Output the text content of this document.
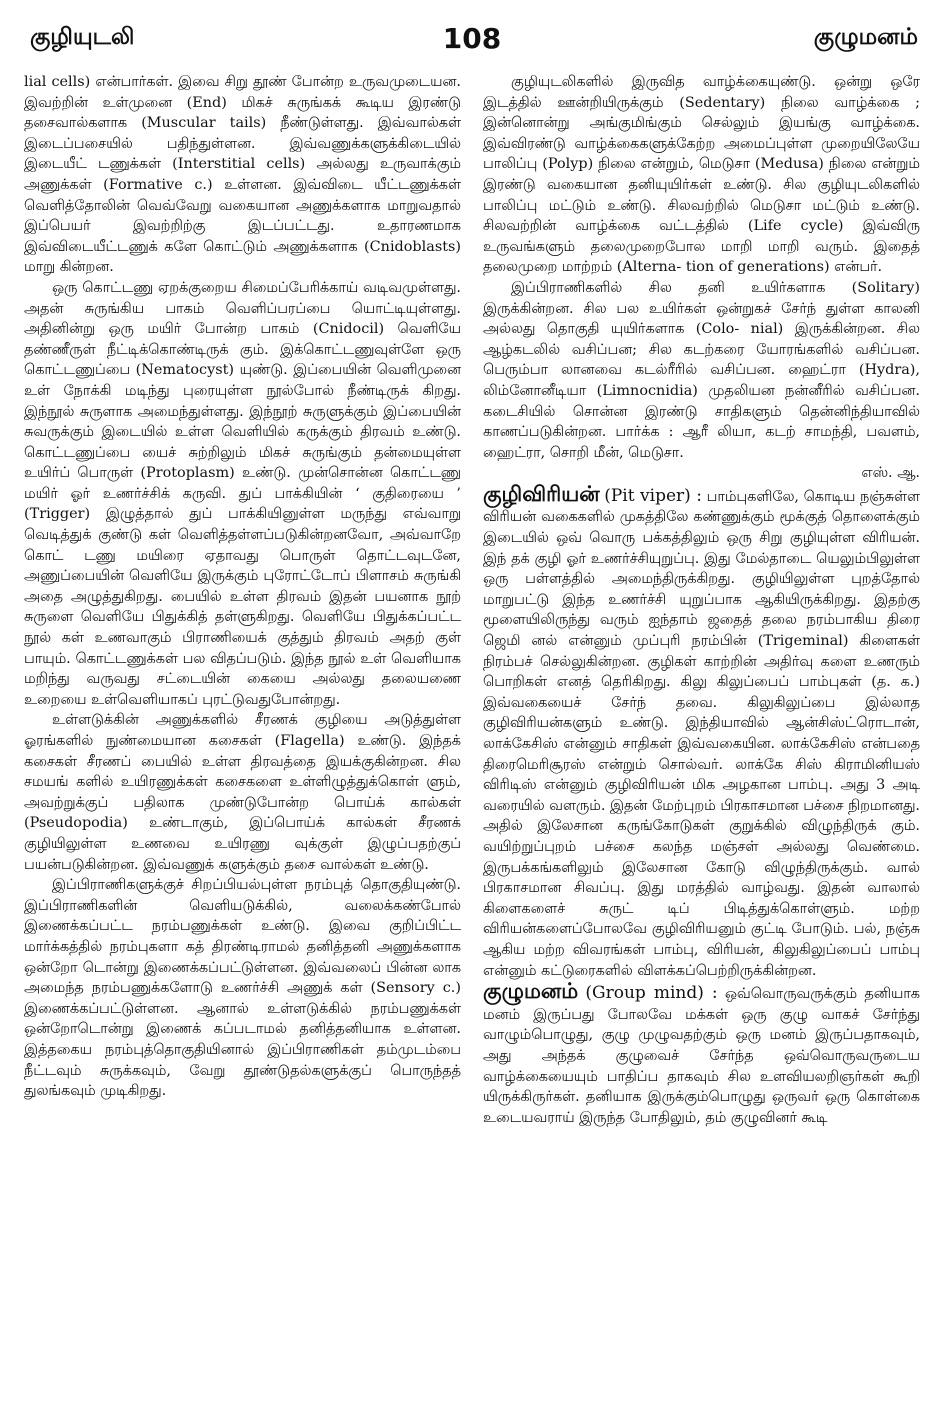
குழியுடலி	108	குழுமனம்

lial cells) என்பார்கள். இவை சிறு தூண் போன்ற உருவமுடையன. இவற்றின் உள்முனை (End) மிகச் சுருங்கக் கூடிய இரண்டு தசைவால்களாக (Muscular tails) நீண்டுள்ளது. இவ்வால்கள் இடைப்பசையில் பதிந்துள்ளன. இவ்வணுக்களுக்கிடையில் இடையீட் டணுக்கள் (Interstitial cells) அல்லது உருவாக்கும் அணுக்கள் (Formative c.) உள்ளன. இவ்விடை யீட்டணுக்கள் வெளித்தோலின் வெவ்வேறு வகையான அணுக்களாக மாறுவதால் இப்பெயர் இவற்றிற்கு இடப்பட்டது. உதாரணமாக இவ்விடையீட்டணுக் களே கொட்டும் அணுக்களாக (Cnidoblasts) மாறு கின்றன.

ஒரு கொட்டணு ஏறக்குறைய சிமைப்பேரிக்காய் வடிவமுள்ளது. அதன் சுருங்கிய பாகம் வெளிப்பரப்பை யொட்டியுள்ளது. அதினின்று ஒரு மயிர் போன்ற பாகம் (Cnidocil) வெளியே தண்ணீருள் நீட்டிக்கொண்டிருக் கும். இக்கொட்டணுவுள்ளே ஒரு கொட்டணுப்பை (Nematocyst) யுண்டு. இப்பையின் வெளிமுனை உள் நோக்கி மடிந்து புரையுள்ள நூல்போல் நீண்டிருக் கிறது. இந்நூல் சுருளாக அமைந்துள்ளது. இந்நூற் சுருளுக்கும் இப்பையின் சுவருக்கும் இடையில் உள்ள வெளியில் கருக்கும் திரவம் உண்டு. கொட்டணுப்பை யைச் சுற்றிலும் மிகச் சுருங்கும் தன்மையுள்ள உயிர்ப் பொருள் (Protoplasm) உண்டு. முன்சொன்ன கொட்டணு மயிர் ஓர் உணர்ச்சிக் கருவி. துப் பாக்கியின் ‘ குதிரையை ’ (Trigger) இழுத்தால் துப் பாக்கியினுள்ள மருந்து எவ்வாறு வெடித்துக் குண்டு கள் வெளித்தள்ளப்படுகின்றனவோ, அவ்வாறே கொட் டணு மயிரை ஏதாவது பொருள் தொட்டவுடனே, அணுப்பையின் வெளியே இருக்கும் புரோட்டோப் பிளாசம் சுருங்கி அதை அழுத்துகிறது. பையில் உள்ள திரவம் இதன் பயனாக நூற் சுருளை வெளியே பிதுக்கித் தள்ளுகிறது. வெளியே பிதுக்கப்பட்ட நூல் கள் உணவாகும் பிராணியைக் குத்தும் திரவம் அதற் குள் பாயும். கொட்டணுக்கள் பல விதப்படும். இந்த நூல் உள் வெளியாக மறிந்து வருவது சட்டையின் கையை அல்லது தலையணை உறையை உள்வெளியாகப் புரட்டுவதுபோன்றது.

உள்ளடுக்கின் அணுக்களில் சீரணக் குழியை அடுத்துள்ள ஓரங்களில் நுண்மையான கசைகள் (Flagella) உண்டு. இந்தக் கசைகள் சீரணப் பையில் உள்ள திரவத்தை இயக்குகின்றன. சில சமயங் களில் உயிரணுக்கள் கசைகளை உள்ளிழுத்துக்கொள் ளும், அவற்றுக்குப் பதிலாக முண்டுபோன்ற பொய்க் கால்கள் (Pseudopodia) உண்டாகும், இப்பொய்க் கால்கள் சீரணக் குழியிலுள்ள உணவை உயிரணு வுக்குள் இழுப்பதற்குப் பயன்படுகின்றன. இவ்வணுக் களுக்கும் தசை வால்கள் உண்டு.

இப்பிராணிகளுக்குச் சிறப்பியல்புள்ள நரம்புத் தொகுதியுண்டு. இப்பிராணிகளின் வெளியடுக்கில், வலைக்கண்போல் இணைக்கப்பட்ட நரம்பணுக்கள் உண்டு. இவை குறிப்பிட்ட மார்க்கத்தில் நரம்புகளா கத் திரண்டிராமல் தனித்தனி அணுக்களாக ஒன்றோ டொன்று இணைக்கப்பட்டுள்ளன. இவ்வலைப் பின்ன லாக அமைந்த நரம்பணுக்களோடு உணர்ச்சி அணுக் கள் (Sensory c.) இணைக்கப்பட்டுள்ளன. ஆனால் உள்ளடுக்கில் நரம்பணுக்கள் ஒன்றோடொன்று இணைக் கப்படாமல் தனித்தனியாக உள்ளன. இத்தகைய நரம்புத்தொகுதியினால் இப்பிராணிகள் தம்முடம்பை நீட்டவும் சுருக்கவும், வேறு தூண்டுதல்களுக்குப் பொருந்தத் துலங்கவும் முடிகிறது.

குழியுடலிகளில் இருவித வாழ்க்கையுண்டு. ஒன்று ஒரே இடத்தில் ஊன்றியிருக்கும் (Sedentary) நிலை வாழ்க்கை ; இன்னொன்று அங்குமிங்கும் செல்லும் இயங்கு வாழ்க்கை. இவ்விரண்டு வாழ்க்கைகளுக்கேற்ற அமைப்புள்ள முறையிலேயே பாலிப்பு (Polyp) நிலை என்றும், மெடுசா (Medusa) நிலை என்றும் இரண்டு வகையான தனியுயிர்கள் உண்டு. சில குழியுடலிகளில் பாலிப்பு மட்டும் உண்டு. சிலவற்றில் மெடுசா மட்டும் உண்டு. சிலவற்றின் வாழ்க்கை வட்டத்தில் (Life cycle) இவ்விரு உருவங்களும் தலைமுறைபோல மாறி மாறி வரும். இதைத் தலைமுறை மாற்றம் (Alterna- tion of generations) என்பர்.

இப்பிராணிகளில் சில தனி உயிர்களாக (Solitary) இருக்கின்றன. சில பல உயிர்கள் ஒன்றுகச் சேர்ந் துள்ள காலனி அல்லது தொகுதி யுயிர்களாக (Colo- nial) இருக்கின்றன. சில ஆழ்கடலில் வசிப்பன; சில கடற்கரை யோரங்களில் வசிப்பன. பெரும்பா லானவை கடல்ரீரில் வசிப்பன. ஹைட்ரா (Hydra), லிம்னோனீடியா (Limnocnidia) முதலியன நன்னீரில் வசிப்பன. கடைசியில் சொன்ன இரண்டு சாதிகளும் தென்னிந்தியாவில் காணப்படுகின்றன. பார்க்க : ஆரீ லியா, கடற் சாமந்தி, பவளம், ஹைட்ரா, சொறி மீன், மெடுசா.

எஸ். ஆ.

குழிவிரியன் (Pit viper) : பாம்புகளிலே, கொடிய நஞ்சுள்ள விரியன் வகைகளில் முகத்திலே கண்ணுக்கும் மூக்குத் தொளைக்கும் இடையில் ஒவ் வொரு பக்கத்திலும் ஒரு சிறு குழியுள்ள விரியன். இந் தக் குழி ஓர் உணர்ச்சியுறுப்பு. இது மேல்தாடை யெலும்பிலுள்ள ஒரு பள்ளத்தில் அமைந்திருக்கிறது. குழியிலுள்ள புறத்தோல் மாறுபட்டு இந்த உணர்ச்சி யுறுப்பாக ஆகியிருக்கிறது. இதற்கு மூளையிலிருந்து வரும் ஐந்தாம் ஜதைத் தலை நரம்பாகிய திரை ஜெமி னல் என்னும் முப்புரி நரம்பின் (Trigeminal) கிளைகள் நிரம்பச் செல்லுகின்றன. குழிகள் காற்றின் அதிர்வு களை உணரும் பொறிகள் எனத் தெரிகிறது. கிலு கிலுப்பைப் பாம்புகள் (த. க.) இவ்வகையைச் சேர்ந் தவை. கிலுகிலுப்பை இல்லாத குழிவிரியன்களும் உண்டு. இந்தியாவில் ஆன்சிஸ்ட்ரொடான், லாக்கேசிஸ் என்னும் சாதிகள் இவ்வகையின. லாக்கேசிஸ் என்பதை திரைமெரிசூரஸ் என்றும் சொல்வர். லாக்கே சிஸ் கிராமினியஸ் விரிடிஸ் என்னும் குழிவிரியன் மிக அழகான பாம்பு. அது 3 அடி வரையில் வளரும். இதன் மேற்புறம் பிரகாசமான பச்சை நிறமானது. அதில் இலேசான கருங்கோடுகள் குறுக்கில் விழுந்திருக் கும். வயிற்றுப்புறம் பச்சை கலந்த மஞ்சள் அல்லது வெண்மை. இருபக்கங்களிலும் இலேசான கோடு விழுந்திருக்கும். வால் பிரகாசமான சிவப்பு. இது மரத்தில் வாழ்வது. இதன் வாலால் கிளைகளைச் சுருட் டிப் பிடித்துக்கொள்ளும். மற்ற விரியன்களைப்போலவே குழிவிரியனும் குட்டி போடும். பல், நஞ்சு ஆகிய மற்ற விவரங்கள் பாம்பு, விரியன், கிலுகிலுப்பைப் பாம்பு என்னும் கட்டுரைகளில் விளக்கப்பெற்றிருக்கின்றன.

குழுமனம் (Group mind) : ஒவ்வொருவருக்கும் தனியாக மனம் இருப்பது போலவே மக்கள் ஒரு குழு வாகச் சேர்ந்து வாழும்பொழுது, குழு முழுவதற்கும் ஒரு மனம் இருப்பதாகவும், அது அந்தக் குழுவைச் சேர்ந்த ஒவ்வொருவருடைய வாழ்க்கையையும் பாதிப்ப தாகவும் சில உளவியலறிஞர்கள் கூறி யிருக்கிருர்கள். தனியாக இருக்கும்பொழுது ஒருவர் ஒரு கொள்கை உடையவராய் இருந்த போதிலும், தம் குழுவினர் கூடி
